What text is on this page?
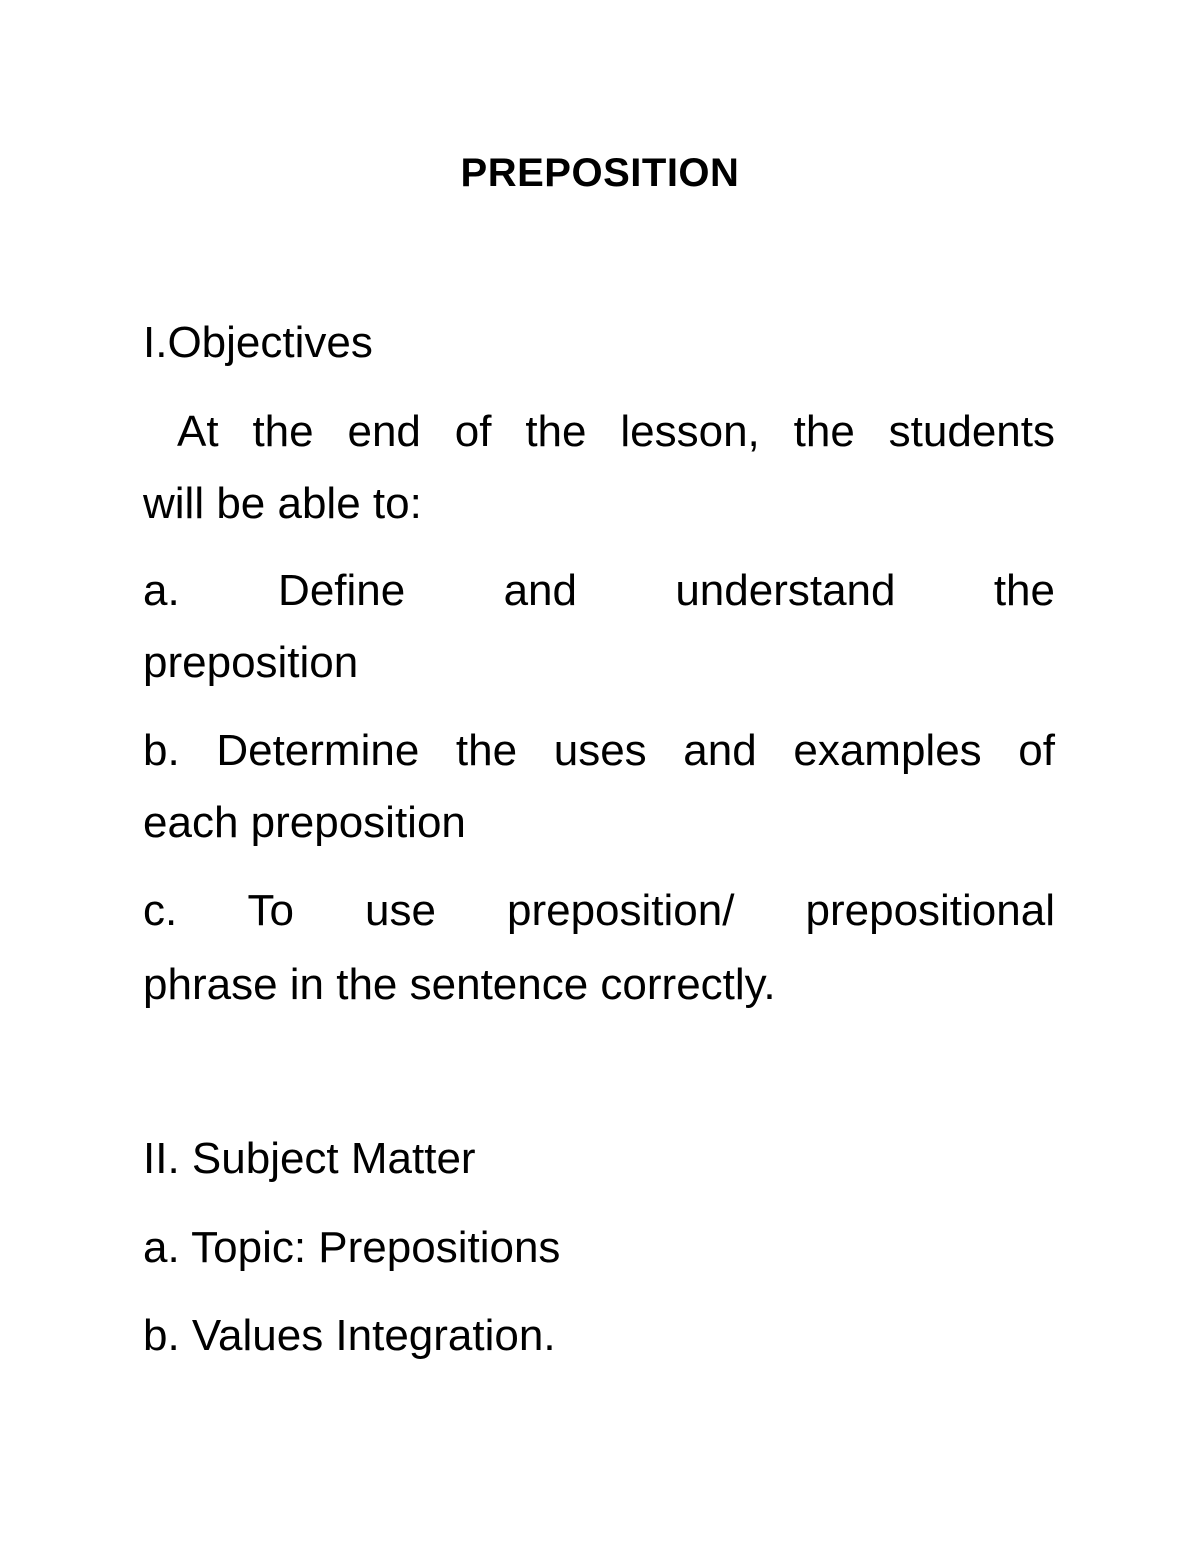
PREPOSITION
I.Objectives
At the end of the lesson, the students
will be able to:
a. Define and understand the
preposition
b. Determine the uses and examples of
each preposition
c. To use preposition/ prepositional
phrase in the sentence correctly.
II. Subject Matter
a. Topic: Prepositions
b. Values Integration.
